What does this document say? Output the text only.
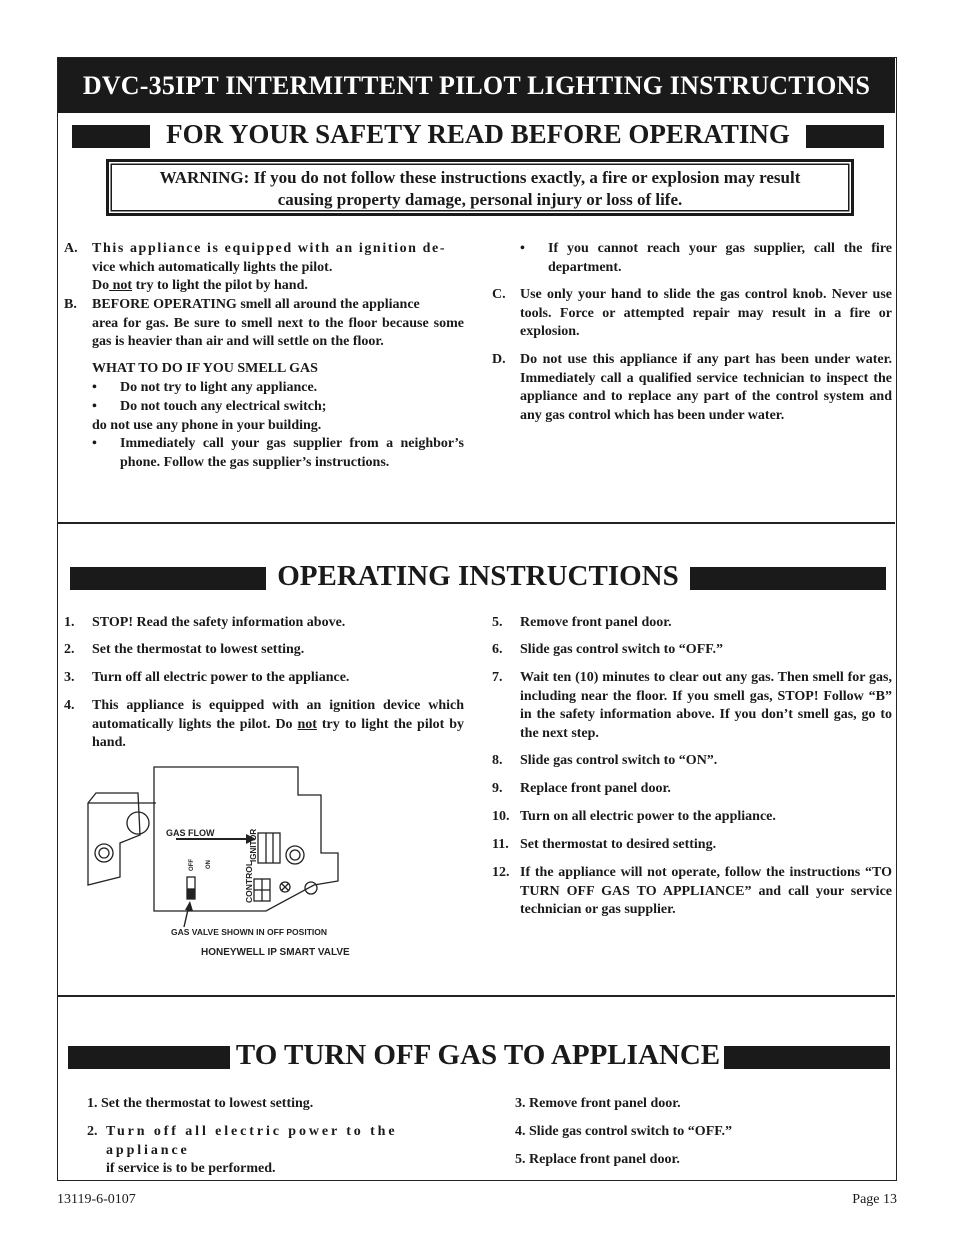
DVC-35IPT INTERMITTENT PILOT LIGHTING INSTRUCTIONS
FOR YOUR SAFETY READ BEFORE OPERATING
WARNING: If you do not follow these instructions exactly, a fire or explosion may result
causing property damage, personal injury or loss of life.
A. This appliance is equipped with an ignition de-
vice which automatically lights the pilot.
Do not try to light the pilot by hand.
B. BEFORE OPERATING smell all around the appliance
area for gas. Be sure to smell next to the floor because some gas is heavier than air and will settle on the floor.
WHAT TO DO IF YOU SMELL GAS
• Do not try to light any appliance.
• Do not touch any electrical switch;
do not use any phone in your building.
• Immediately call your gas supplier from a neighbor’s phone. Follow the gas supplier’s instructions.
• If you cannot reach your gas supplier, call the fire department.
C. Use only your hand to slide the gas control knob. Never use tools. Force or attempted repair may result in a fire or explosion.
D. Do not use this appliance if any part has been under water. Immediately call a qualified service technician to inspect the appliance and to replace any part of the control system and any gas control which has been under water.
OPERATING INSTRUCTIONS
1. STOP! Read the safety information above.
2. Set the thermostat to lowest setting.
3. Turn off all electric power to the appliance.
4. This appliance is equipped with an ignition device which automatically lights the pilot. Do not try to light the pilot by hand.
5. Remove front panel door.
6. Slide gas control switch to “OFF.”
7. Wait ten (10) minutes to clear out any gas. Then smell for gas, including near the floor. If you smell gas, STOP! Follow “B” in the safety information above. If you don’t smell gas, go to the next step.
8. Slide gas control switch to “ON”.
9. Replace front panel door.
10. Turn on all electric power to the appliance.
11. Set thermostat to desired setting.
12. If the appliance will not operate, follow the instructions “TO TURN OFF GAS TO APPLIANCE” and call your service technician or gas supplier.
GAS FLOW	IGNITOR
CONTROL
OFF ON
GAS VALVE SHOWN IN OFF POSITION
HONEYWELL IP SMART VALVE
TO TURN OFF GAS TO APPLIANCE
1. Set the thermostat to lowest setting.
2. Turn off all electric power to the appliance
if service is to be performed.
3. Remove front panel door.
4. Slide gas control switch to “OFF.”
5. Replace front panel door.
13119-6-0107	Page 13
